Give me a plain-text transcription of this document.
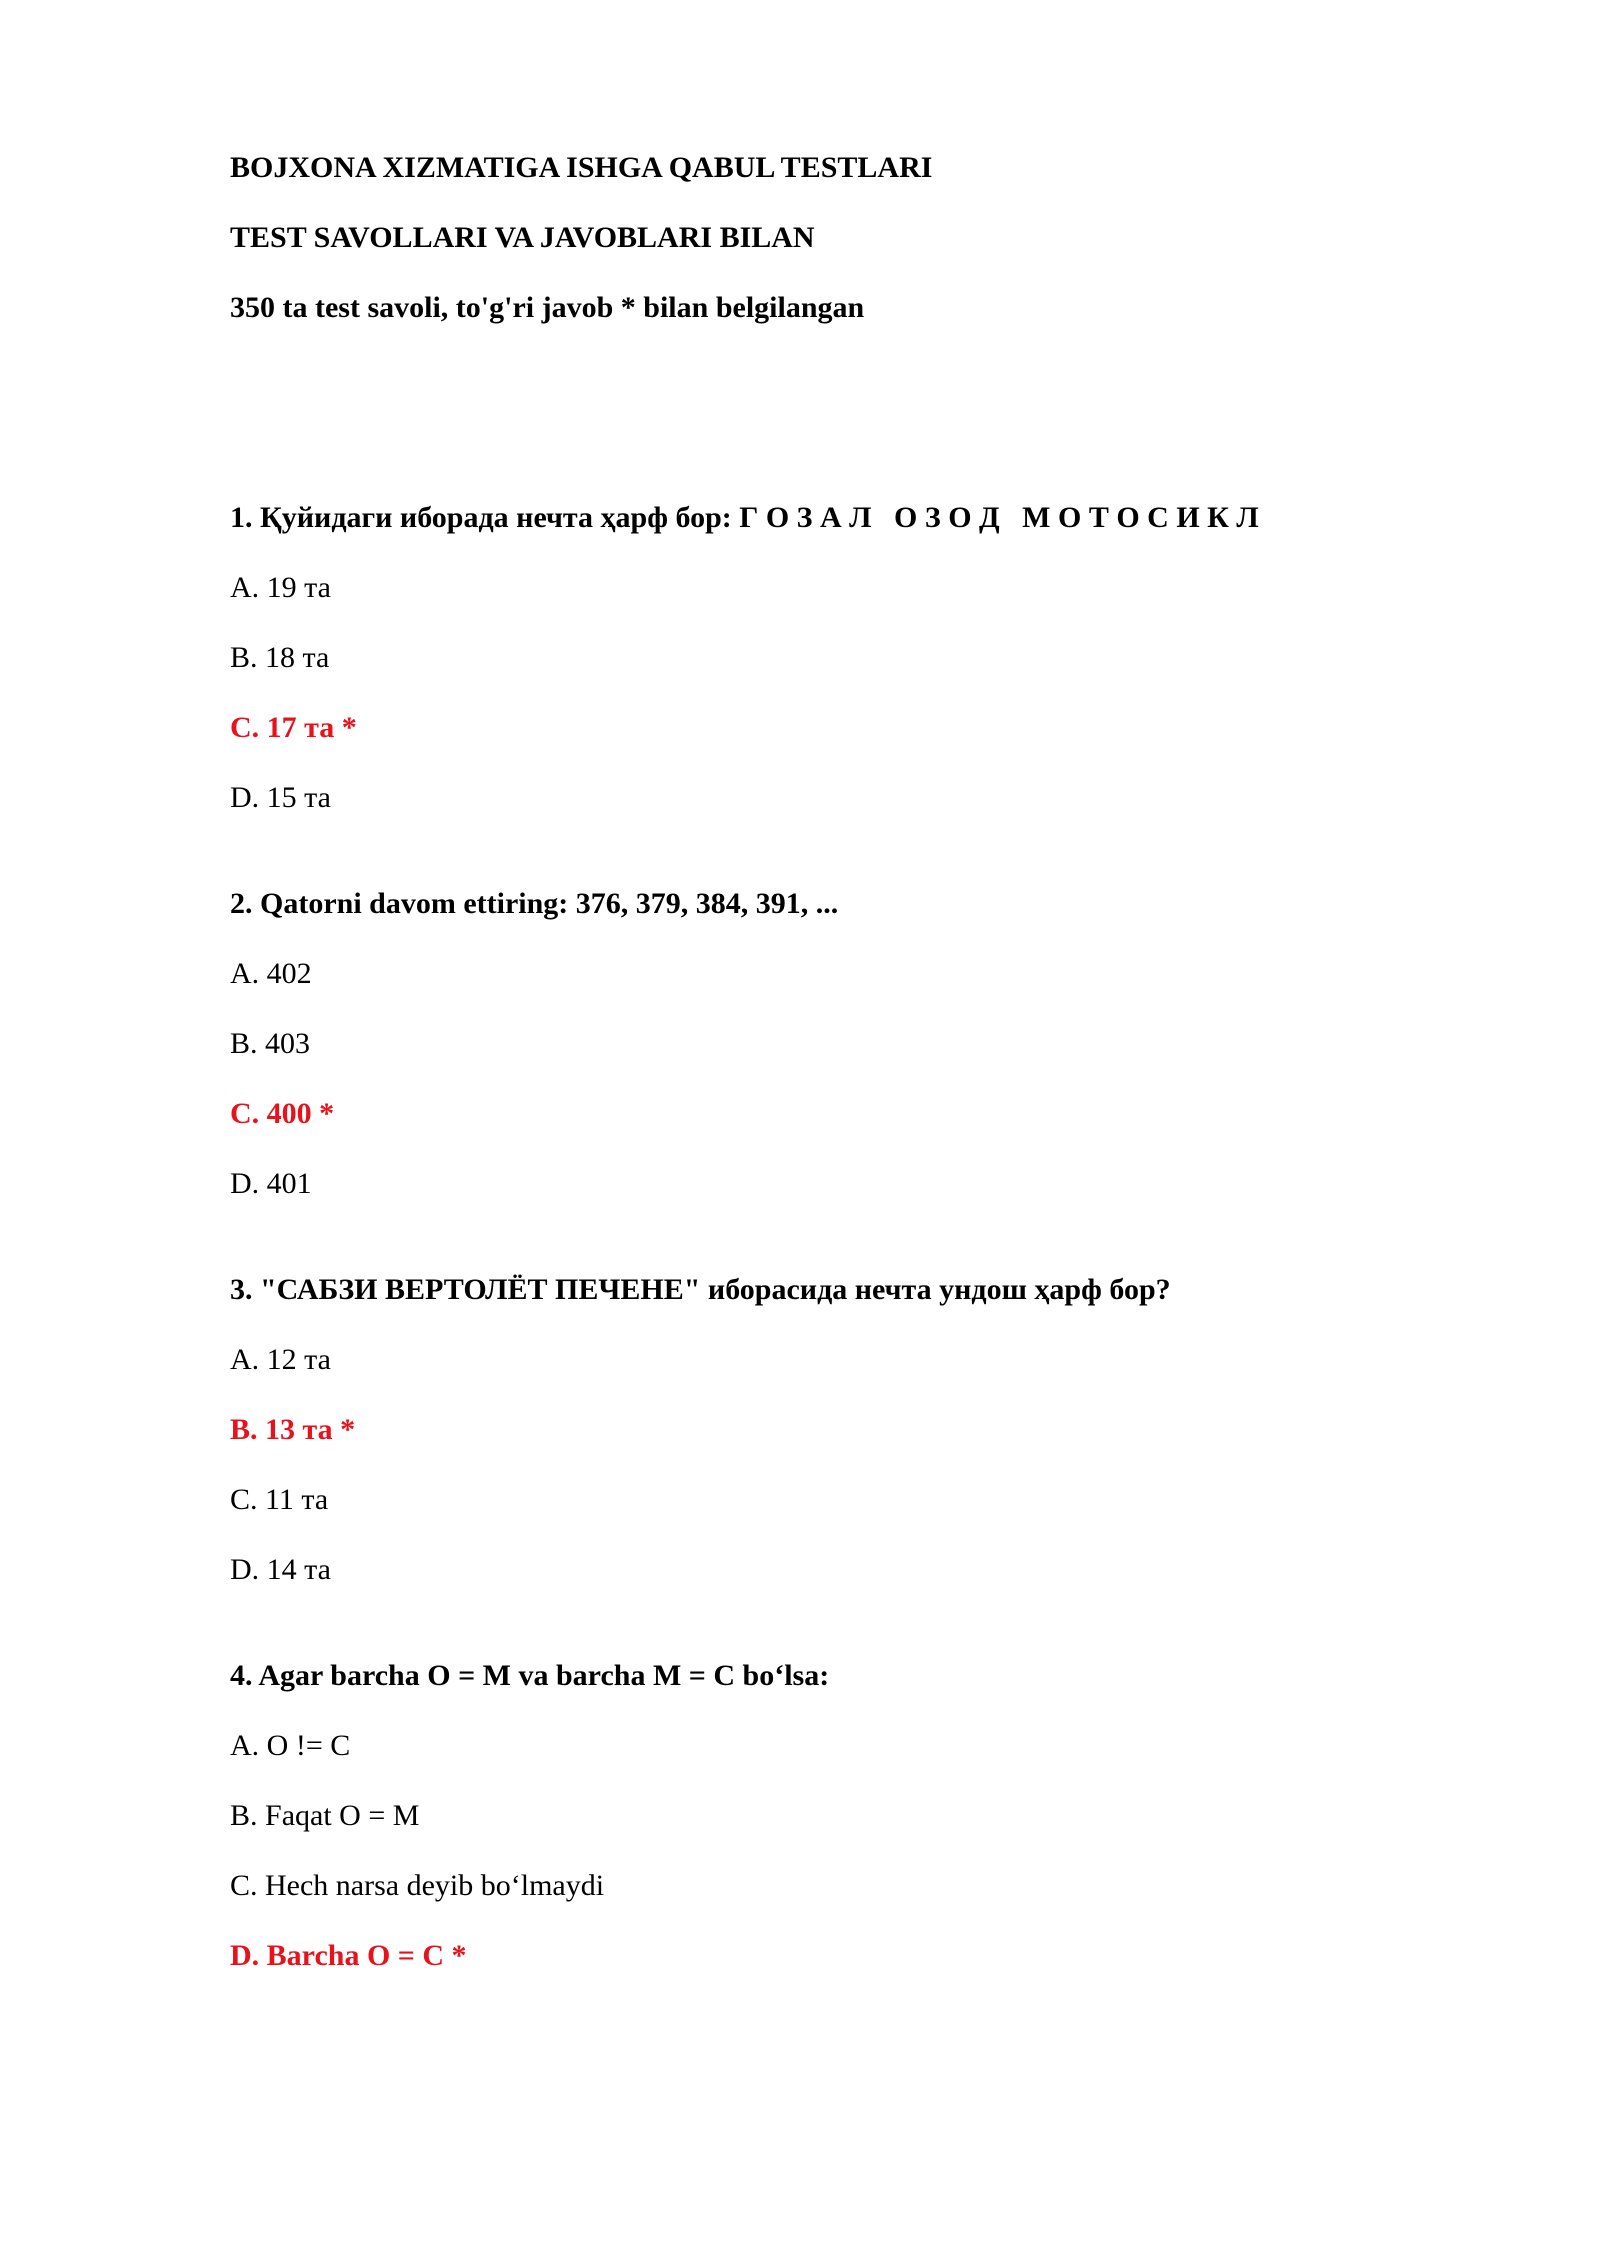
BOJXONA XIZMATIGA ISHGA QABUL TESTLARI
TEST SAVOLLARI VA JAVOBLARI BILAN
350 ta test savoli, to'g'ri javob * bilan belgilangan
1. Қуйидаги иборада нечта ҳарф бор: Г О З А Л   О З О Д   М О Т О С И К Л
A. 19 та
B. 18 та
C. 17 та *
D. 15 та
2. Qatorni davom ettiring: 376, 379, 384, 391, ...
A. 402
B. 403
C. 400 *
D. 401
3. "САБЗИ ВЕРТОЛЁТ ПЕЧЕНЕ" иборасида нечта ундош ҳарф бор?
A. 12 та
B. 13 та *
C. 11 та
D. 14 та
4. Agar barcha O = M va barcha M = C bo‘lsa:
A. O != C
B. Faqat O = M
C. Hech narsa deyib bo‘lmaydi
D. Barcha O = C *
